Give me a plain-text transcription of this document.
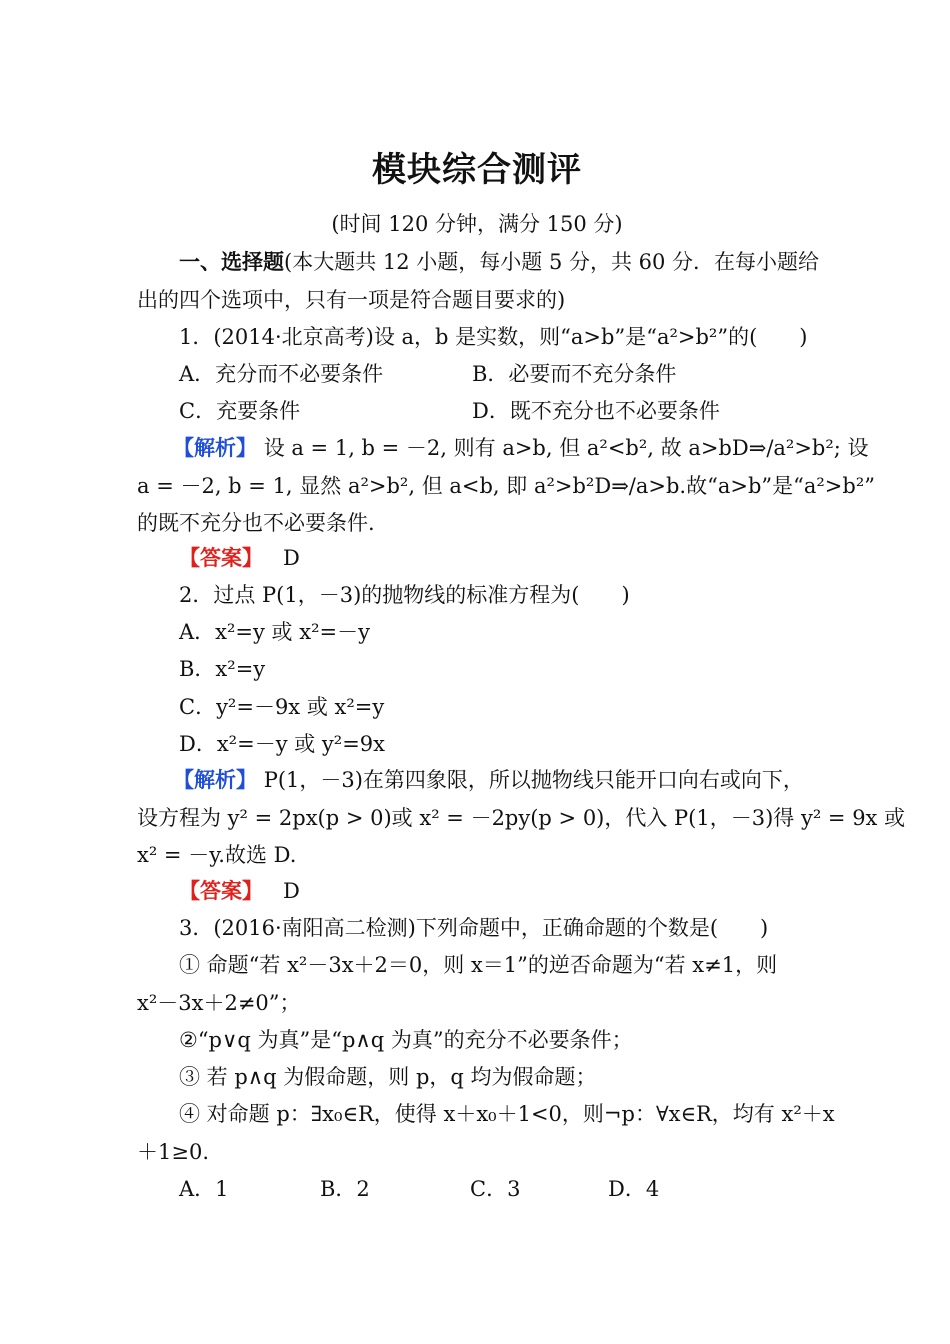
模块综合测评
(时间 120 分钟，满分 150 分)
一、选择题(本大题共 12 小题，每小题 5 分，共 60 分．在每小题给
出的四个选项中，只有一项是符合题目要求的)
1．(2014·北京高考)设 a，b 是实数，则“a>b”是“a²>b²”的(　　)
A．充分而不必要条件	B．必要而不充分条件
C．充要条件	D．既不充分也不必要条件
【解析】 设 a = 1, b = －2, 则有 a>b, 但 a²<b², 故 a>bD⇒/a²>b²; 设
a = －2, b = 1, 显然 a²>b², 但 a<b, 即 a²>b²D⇒/a>b.故“a>b”是“a²>b²”
的既不充分也不必要条件.
【答案】 D
2．过点 P(1，－3)的抛物线的标准方程为(　　)
A．x²=y 或 x²=－y
B．x²=y
C．y²=－9x 或 x²=y
D．x²=－y 或 y²=9x
【解析】 P(1，－3)在第四象限，所以抛物线只能开口向右或向下，
设方程为 y² = 2px(p > 0)或 x² = －2py(p > 0)，代入 P(1，－3)得 y² = 9x 或
x² = －y.故选 D.
【答案】 D
3．(2016·南阳高二检测)下列命题中，正确命题的个数是(　　)
① 命题“若 x²－3x＋2＝0，则 x＝1”的逆否命题为“若 x≠1，则
x²－3x＋2≠0”；
②“p∨q 为真”是“p∧q 为真”的充分不必要条件；
③ 若 p∧q 为假命题，则 p，q 均为假命题；
④ 对命题 p：∃x₀∈R，使得 x＋x₀＋1<0，则¬p：∀x∈R，均有 x²＋x
＋1≥0.
A．1	B．2	C．3	D．4
